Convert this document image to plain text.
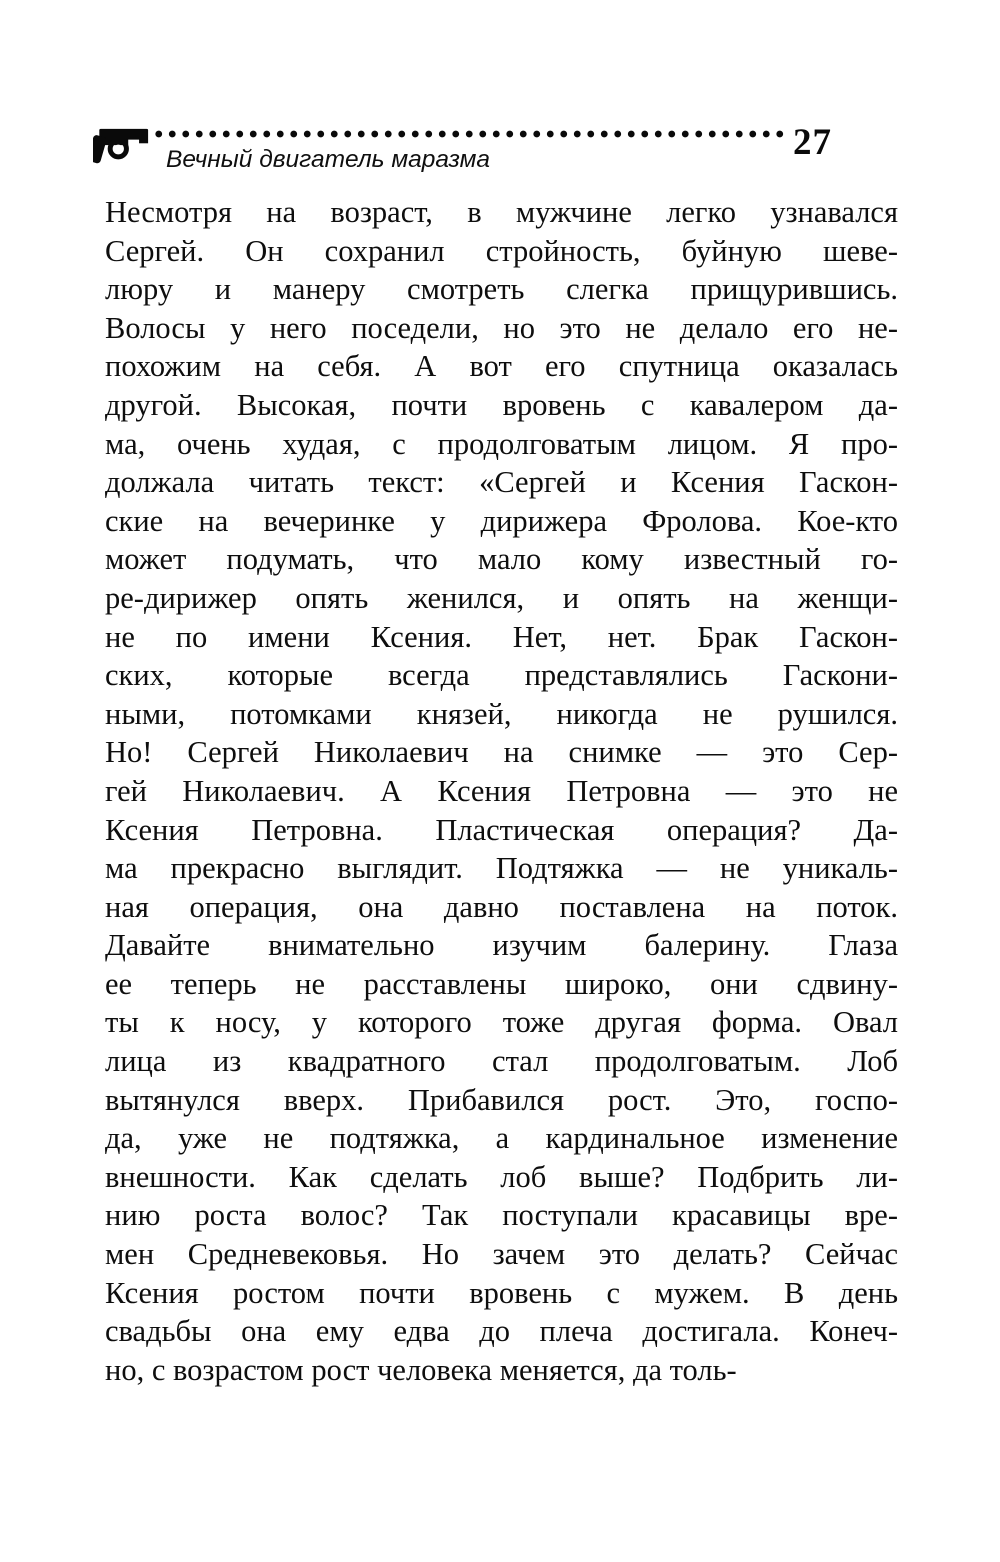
27
Вечный двигатель маразма
Несмотря на возраст, в мужчине легко узнавался
Сергей. Он сохранил стройность, буйную шеве-
люру и манеру смотреть слегка прищурившись.
Волосы у него поседели, но это не делало его не-
похожим на себя. А вот его спутница оказалась
другой. Высокая, почти вровень с кавалером да-
ма, очень худая, с продолговатым лицом. Я про-
должала читать текст: «Сергей и Ксения Гаскон-
ские на вечеринке у дирижера Фролова. Кое-кто
может подумать, что мало кому известный го-
ре-дирижер опять женился, и опять на женщи-
не по имени Ксения. Нет, нет. Брак Гаскон-
ских, которые всегда представлялись Гаскони-
ными, потомками князей, никогда не рушился.
Но! Сергей Николаевич на снимке — это Сер-
гей Николаевич. А Ксения Петровна — это не
Ксения Петровна. Пластическая операция? Да-
ма прекрасно выглядит. Подтяжка — не уникаль-
ная операция, она давно поставлена на поток.
Давайте внимательно изучим балерину. Глаза
ее теперь не расставлены широко, они сдвину-
ты к носу, у которого тоже другая форма. Овал
лица из квадратного стал продолговатым. Лоб
вытянулся вверх. Прибавился рост. Это, госпо-
да, уже не подтяжка, а кардинальное изменение
внешности. Как сделать лоб выше? Подбрить ли-
нию роста волос? Так поступали красавицы вре-
мен Средневековья. Но зачем это делать? Сейчас
Ксения ростом почти вровень с мужем. В день
свадьбы она ему едва до плеча достигала. Конеч-
но, с возрастом рост человека меняется, да толь-
